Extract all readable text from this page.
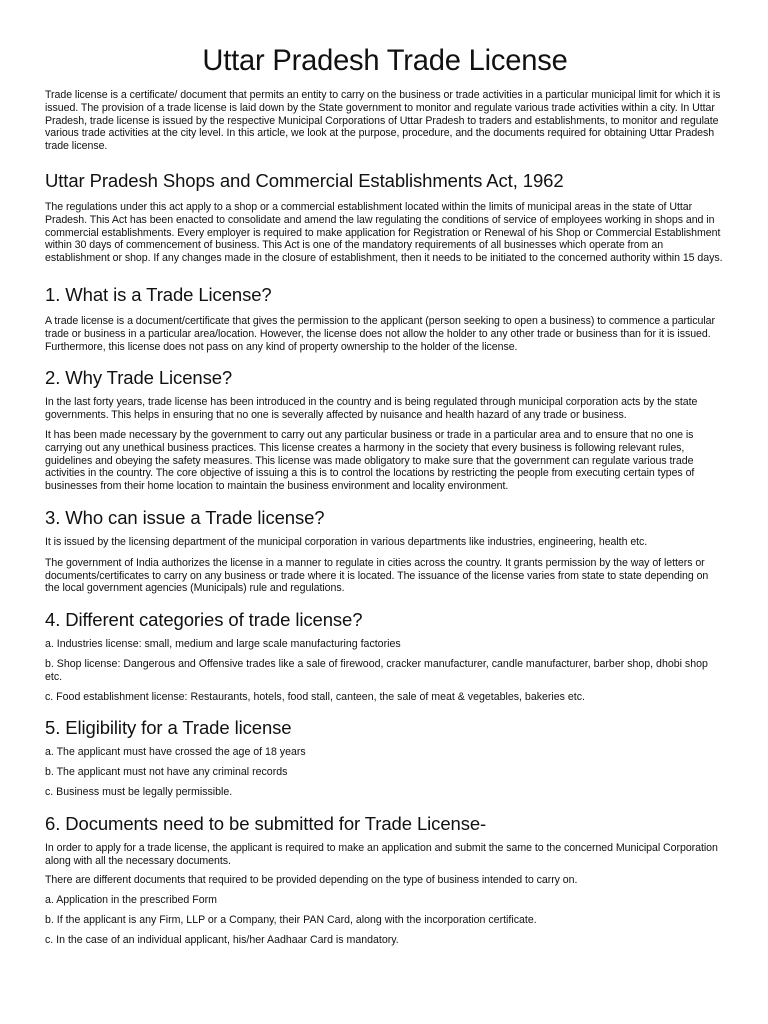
Uttar Pradesh Trade License

Trade license is a certificate/ document that permits an entity to carry on the business or trade activities in a particular municipal limit for which it is issued. The provision of a trade license is laid down by the State government to monitor and regulate various trade activities within a city. In Uttar Pradesh, trade license is issued by the respective Municipal Corporations of Uttar Pradesh to traders and establishments, to monitor and regulate various trade activities at the city level. In this article, we look at the purpose, procedure, and the documents required for obtaining Uttar Pradesh trade license.

Uttar Pradesh Shops and Commercial Establishments Act, 1962

The regulations under this act apply to a shop or a commercial establishment located within the limits of municipal areas in the state of Uttar Pradesh. This Act has been enacted to consolidate and amend the law regulating the conditions of service of employees working in shops and in commercial establishments. Every employer is required to make application for Registration or Renewal of his Shop or Commercial Establishment within 30 days of commencement of business. This Act is one of the mandatory requirements of all businesses which operate from an establishment or shop. If any changes made in the closure of establishment, then it needs to be initiated to the concerned authority within 15 days.

1. What is a Trade License?

A trade license is a document/certificate that gives the permission to the applicant (person seeking to open a business) to commence a particular trade or business in a particular area/location. However, the license does not allow the holder to any other trade or business than for it is issued. Furthermore, this license does not pass on any kind of property ownership to the holder of the license.

2. Why Trade License?

In the last forty years, trade license has been introduced in the country and is being regulated through municipal corporation acts by the state governments. This helps in ensuring that no one is severally affected by nuisance and health hazard of any trade or business.

It has been made necessary by the government to carry out any particular business or trade in a particular area and to ensure that no one is carrying out any unethical business practices. This license creates a harmony in the society that every business is following relevant rules, guidelines and obeying the safety measures. This license was made obligatory to make sure that the government can regulate various trade activities in the country. The core objective of issuing a this is to control the locations by restricting the people from executing certain types of businesses from their home location to maintain the business environment and locality environment.

3. Who can issue a Trade license?

It is issued by the licensing department of the municipal corporation in various departments like industries, engineering, health etc.

The government of India authorizes the license in a manner to regulate in cities across the country. It grants permission by the way of letters or documents/certificates to carry on any business or trade where it is located. The issuance of the license varies from state to state depending on the local government agencies (Municipals) rule and regulations.

4. Different categories of trade license?

a. Industries license: small, medium and large scale manufacturing factories

b. Shop license: Dangerous and Offensive trades like a sale of firewood, cracker manufacturer, candle manufacturer, barber shop, dhobi shop etc.

c. Food establishment license: Restaurants, hotels, food stall, canteen, the sale of meat & vegetables, bakeries etc.

5. Eligibility for a Trade license

a. The applicant must have crossed the age of 18 years

b. The applicant must not have any criminal records

c. Business must be legally permissible.

6. Documents need to be submitted for Trade License-

In order to apply for a trade license, the applicant is required to make an application and submit the same to the concerned Municipal Corporation along with all the necessary documents.

There are different documents that required to be provided depending on the type of business intended to carry on.

a. Application in the prescribed Form

b. If the applicant is any Firm, LLP or a Company, their PAN Card, along with the incorporation certificate.

c. In the case of an individual applicant, his/her Aadhaar Card is mandatory.
